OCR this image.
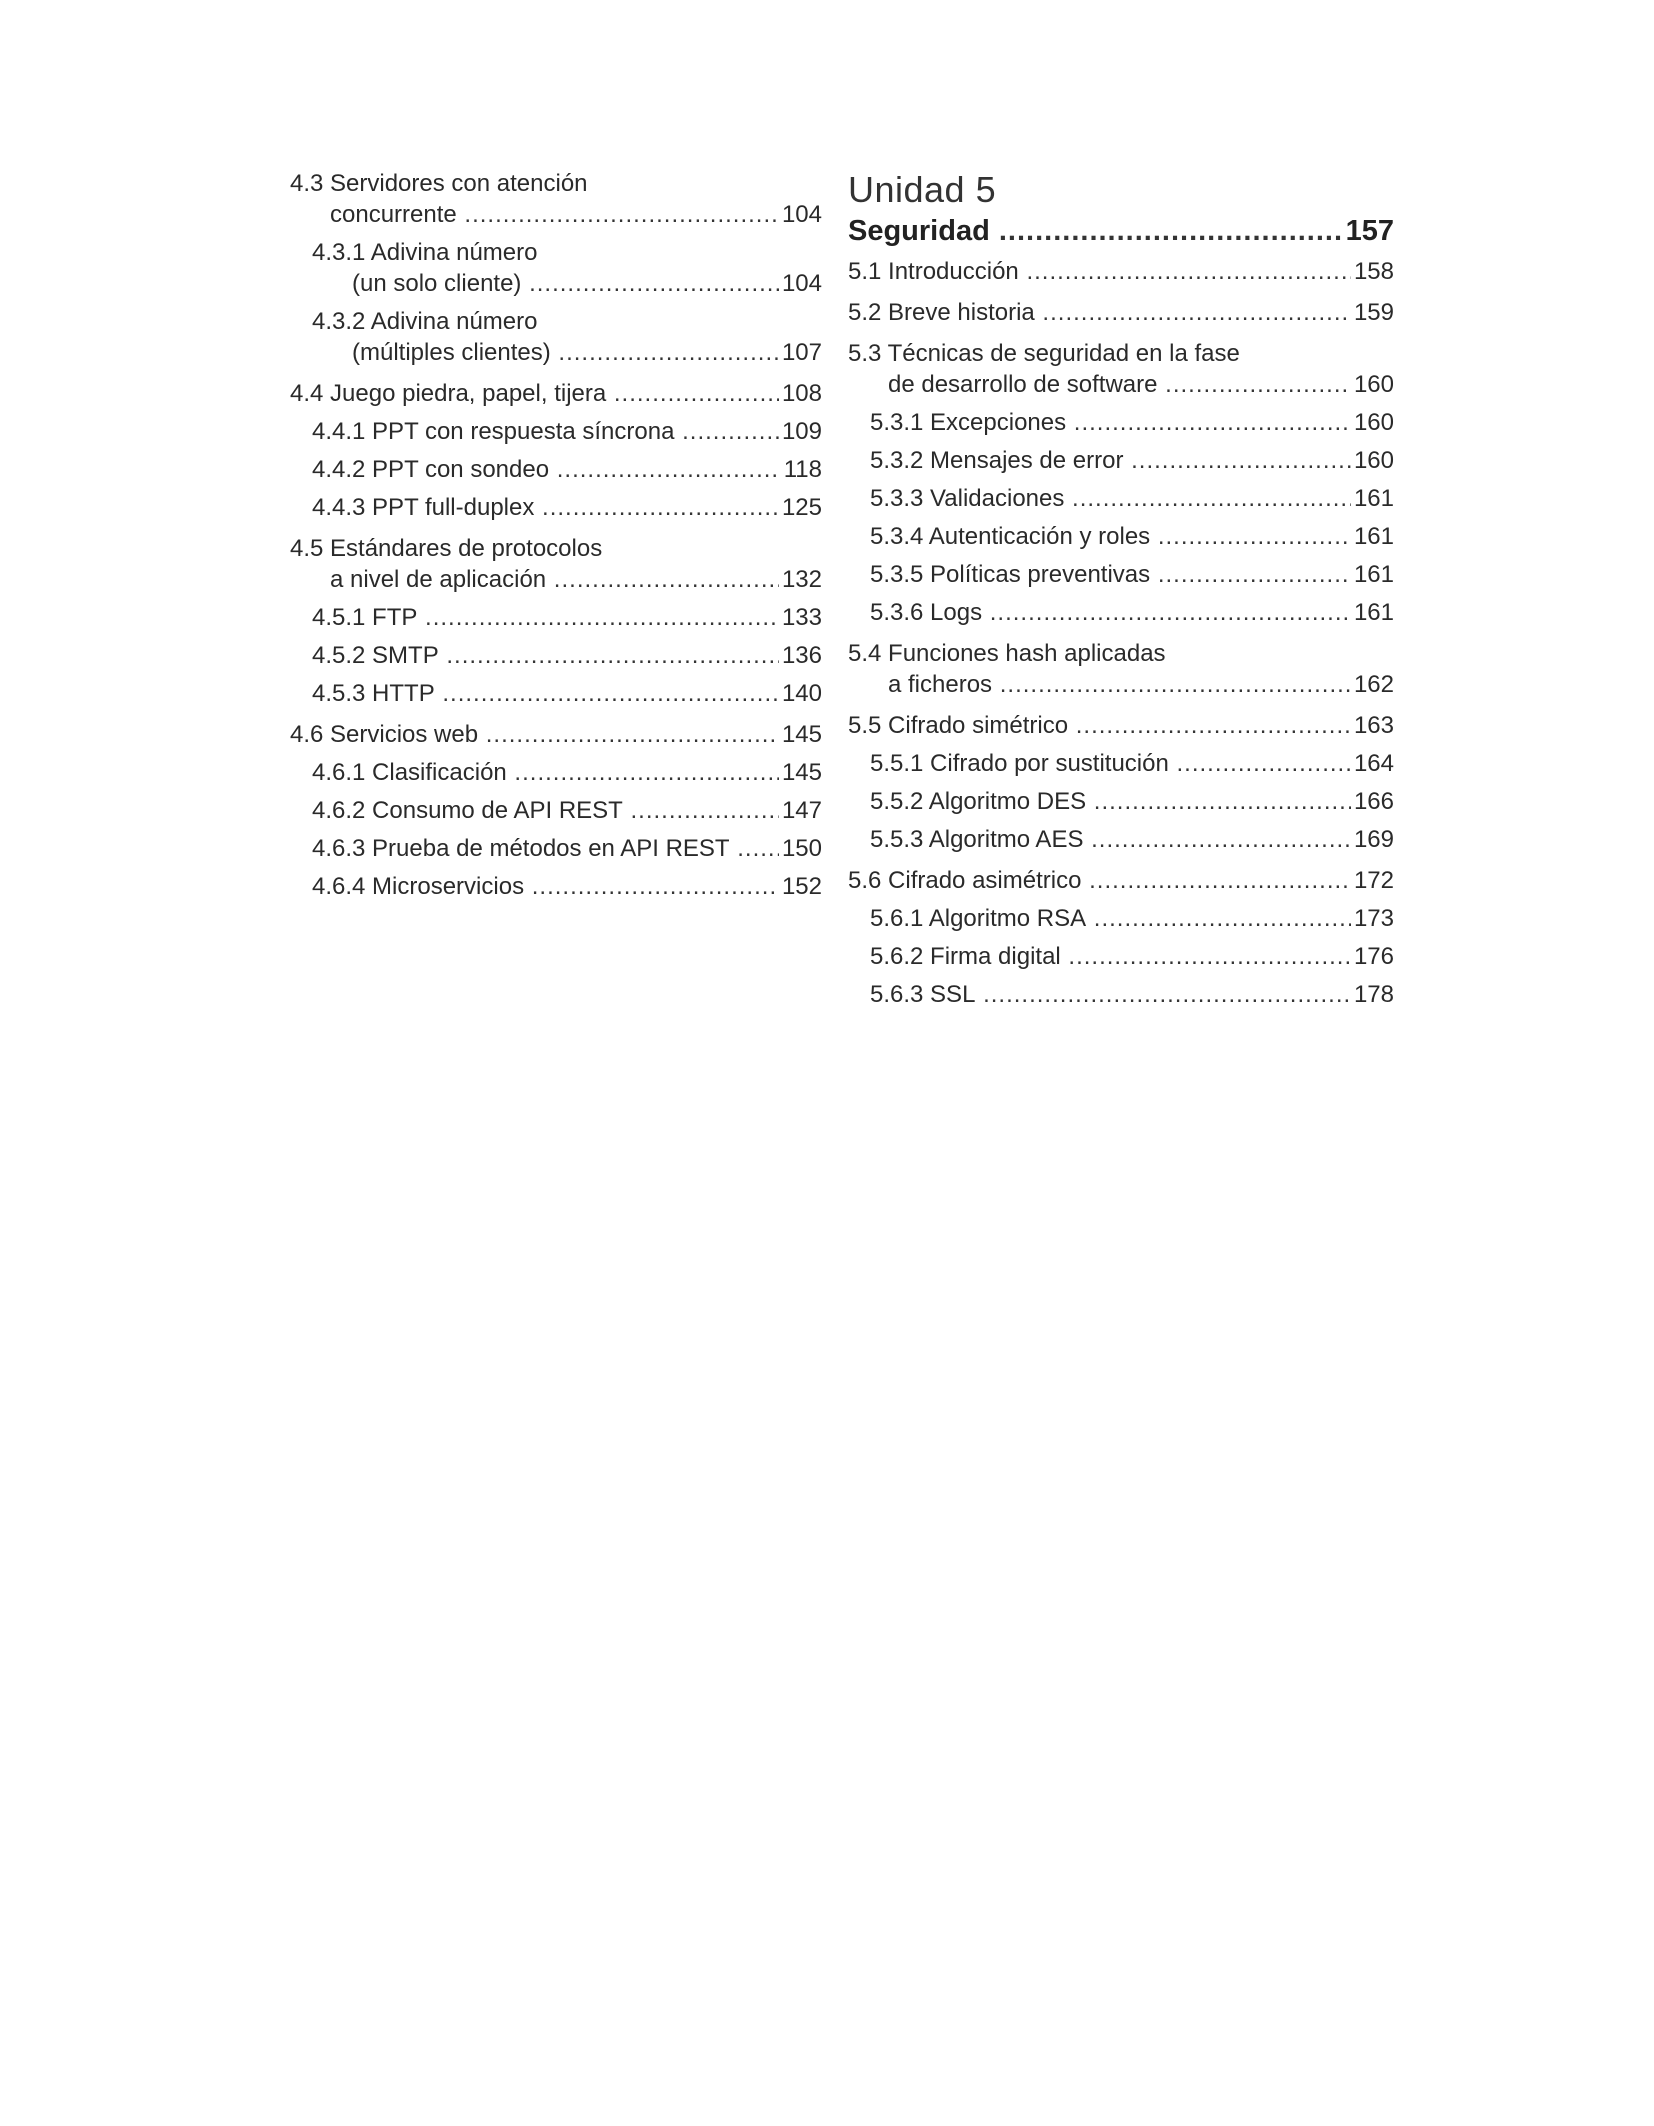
4.3 Servidores con atención
concurrente .....	104
4.3.1 Adivina número
(un solo cliente) .....	104
4.3.2 Adivina número
(múltiples clientes) .....	107
4.4 Juego piedra, papel, tijera .....	108
4.4.1 PPT con respuesta síncrona .....	109
4.4.2 PPT con sondeo .....	118
4.4.3 PPT full-duplex .....	125
4.5 Estándares de protocolos
a nivel de aplicación .....	132
4.5.1 FTP .....	133
4.5.2 SMTP .....	136
4.5.3 HTTP .....	140
4.6 Servicios web .....	145
4.6.1 Clasificación .....	145
4.6.2 Consumo de API REST .....	147
4.6.3 Prueba de métodos en API REST .....	150
4.6.4 Microservicios .....	152
Unidad 5
Seguridad .....	157
5.1 Introducción .....	158
5.2 Breve historia .....	159
5.3 Técnicas de seguridad en la fase
de desarrollo de software .....	160
5.3.1 Excepciones .....	160
5.3.2 Mensajes de error .....	160
5.3.3 Validaciones .....	161
5.3.4 Autenticación y roles .....	161
5.3.5 Políticas preventivas .....	161
5.3.6 Logs .....	161
5.4 Funciones hash aplicadas
a ficheros .....	162
5.5 Cifrado simétrico .....	163
5.5.1 Cifrado por sustitución .....	164
5.5.2 Algoritmo DES .....	166
5.5.3 Algoritmo AES .....	169
5.6 Cifrado asimétrico .....	172
5.6.1 Algoritmo RSA .....	173
5.6.2 Firma digital .....	176
5.6.3 SSL .....	178
